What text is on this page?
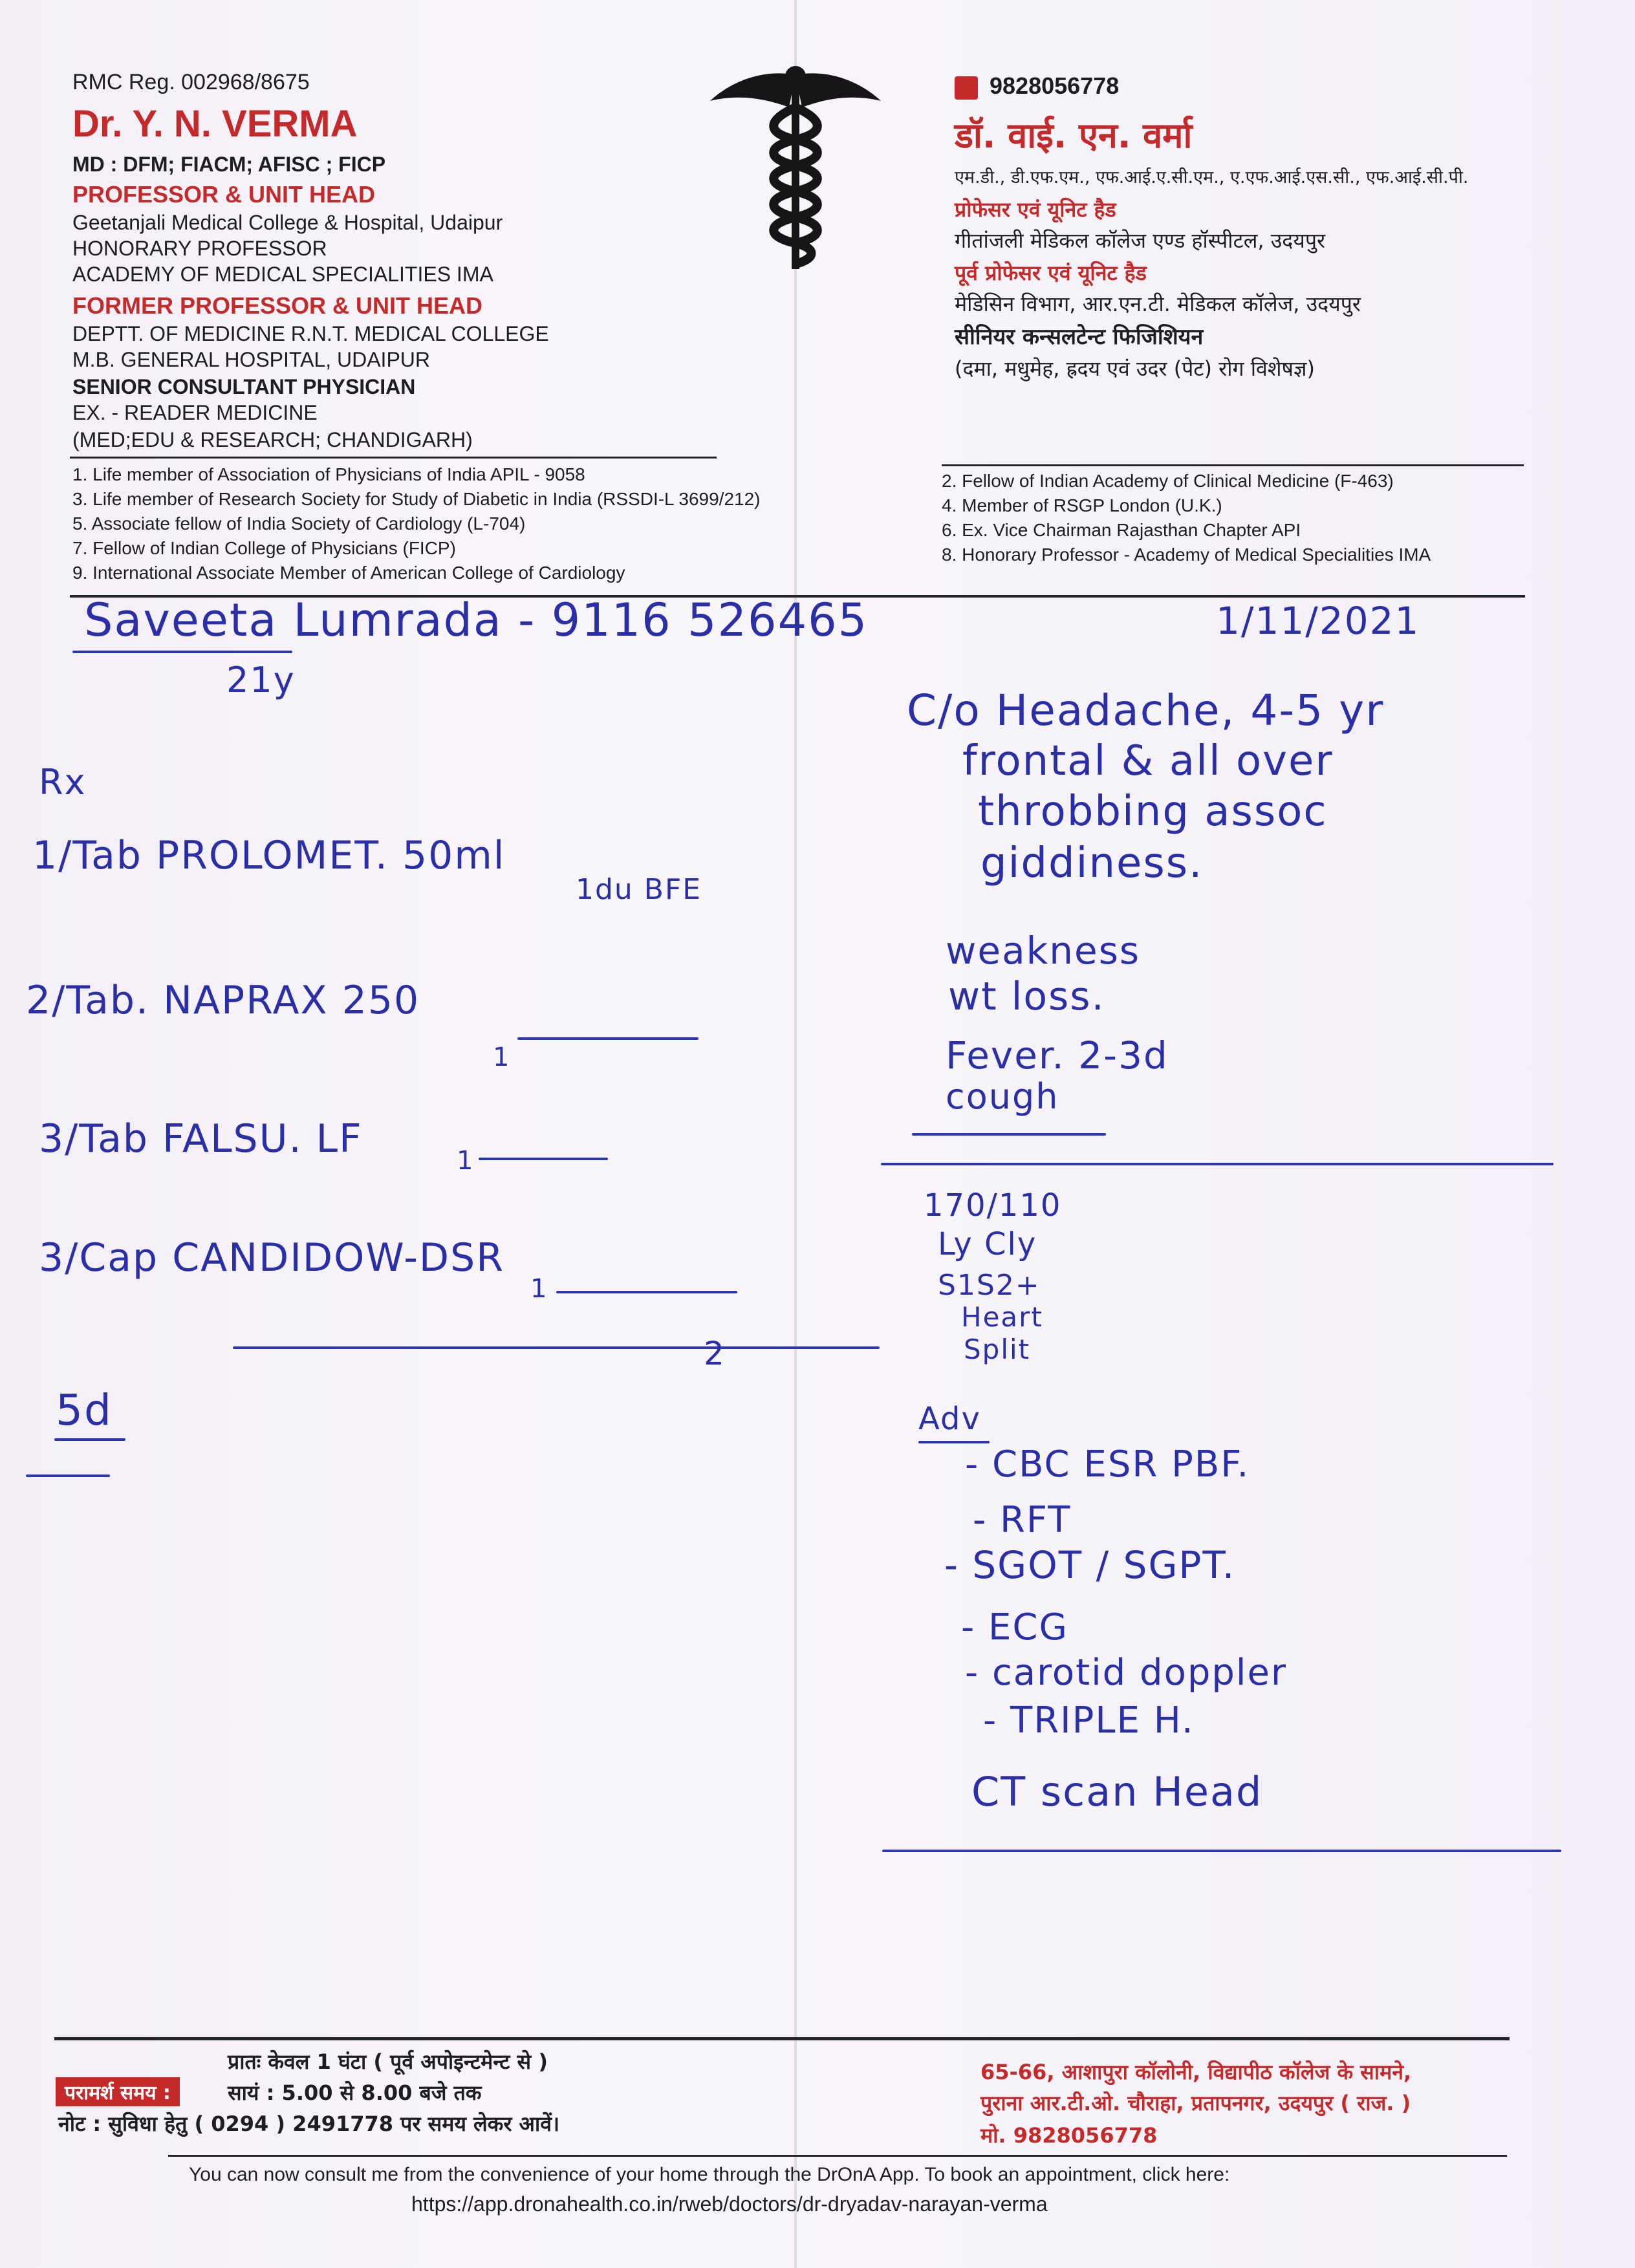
RMC Reg. 002968/8675
Dr. Y. N. VERMA
MD : DFM; FIACM; AFISC ; FICP
PROFESSOR & UNIT HEAD
Geetanjali Medical College & Hospital, Udaipur
HONORARY PROFESSOR
ACADEMY OF MEDICAL SPECIALITIES IMA
FORMER PROFESSOR & UNIT HEAD
DEPTT. OF MEDICINE R.N.T. MEDICAL COLLEGE
M.B. GENERAL HOSPITAL, UDAIPUR
SENIOR CONSULTANT PHYSICIAN
EX. - READER MEDICINE
(MED;EDU & RESEARCH; CHANDIGARH)
9828056778
डॉ. वाई. एन. वर्मा
एम.डी., डी.एफ.एम., एफ.आई.ए.सी.एम., ए.एफ.आई.एस.सी., एफ.आई.सी.पी.
प्रोफेसर एवं यूनिट हैड
गीतांजली मेडिकल कॉलेज एण्ड हॉस्पीटल, उदयपुर
पूर्व प्रोफेसर एवं यूनिट हैड
मेडिसिन विभाग, आर.एन.टी. मेडिकल कॉलेज, उदयपुर
सीनियर कन्सलटेन्ट फिजिशियन
(दमा, मधुमेह, ह्रदय एवं उदर (पेट) रोग विशेषज्ञ)
1. Life member of Association of Physicians of India APIL - 9058
3. Life member of Research Society for Study of Diabetic in India (RSSDI-L 3699/212)
5. Associate fellow of India Society of Cardiology (L-704)
7. Fellow of Indian College of Physicians (FICP)
9. International Associate Member of American College of Cardiology
2. Fellow of Indian Academy of Clinical Medicine (F-463)
4. Member of RSGP London (U.K.)
6. Ex. Vice Chairman Rajasthan Chapter API
8. Honorary Professor - Academy of Medical Specialities IMA
Saveeta Lumrada - 9116 526465	1/11/2021
21y
Rx
1/Tab PROLOMET. 50ml
1du BFE
2/Tab. NAPRAX 250
1
3/Tab FALSU. LF	1
3/Cap CANDIDOW-DSR
1
2
5d
C/o Headache, 4-5 yr
frontal & all over
throbbing assoc
giddiness.
weakness
wt loss.
Fever. 2-3d
cough
170/110
Ly Cly
S1S2+
Heart
Split
Adv
- CBC ESR PBF.
- RFT
- SGOT / SGPT.
- ECG
- carotid doppler
- TRIPLE H.
CT scan Head
प्रातः केवल 1 घंटा ( पूर्व अपोइन्टमेन्ट से )
परामर्श समय :	सायं : 5.00 से 8.00 बजे तक
नोट : सुविधा हेतु ( 0294 ) 2491778 पर समय लेकर आवें।
65-66, आशापुरा कॉलोनी, विद्यापीठ कॉलेज के सामने,
पुराना आर.टी.ओ. चौराहा, प्रतापनगर, उदयपुर ( राज. )
मो. 9828056778
You can now consult me from the convenience of your home through the DrOnA App. To book an appointment, click here:
https://app.dronahealth.co.in/rweb/doctors/dr-dryadav-narayan-verma
